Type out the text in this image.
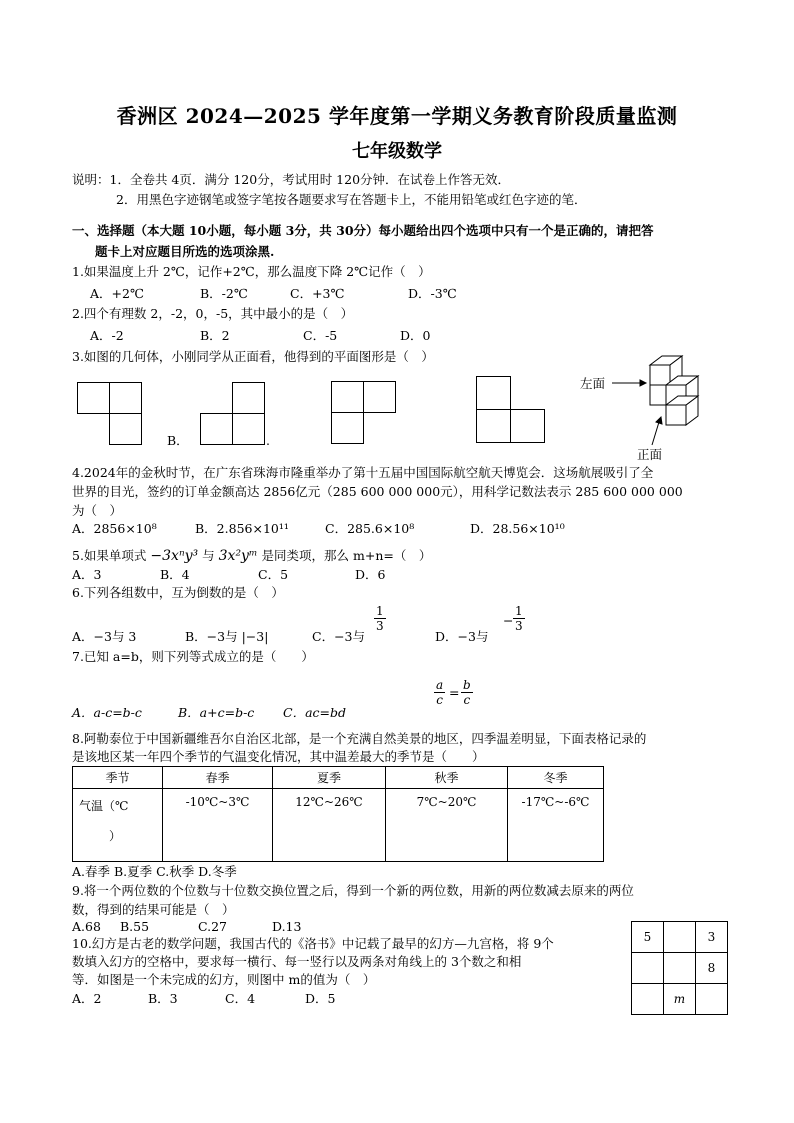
香洲区 2024—2025 学年度第一学期义务教育阶段质量监测
七年级数学
说明：1．全卷共 4页．满分 120分，考试用时 120分钟．在试卷上作答无效．
2．用黑色字迹钢笔或签字笔按各题要求写在答题卡上，不能用铅笔或红色字迹的笔．
一、选择题（本大题 10小题，每小题 3分，共 30分）每小题给出四个选项中只有一个是正确的，请把答
题卡上对应题目所选的选项涂黑.
1.如果温度上升 2℃，记作+2℃，那么温度下降 2℃记作（　）
A．+2℃	B．-2℃	C．+3℃	D．-3℃
2.四个有理数 2，-2，0，-5，其中最小的是（　）
A．-2	B．2	C．-5	D．0
3.如图的几何体，小刚同学从正面看，他得到的平面图形是（　）
B．	.
左面
正面
4.2024年的金秋时节，在广东省珠海市隆重举办了第十五届中国国际航空航天博览会．这场航展吸引了全
世界的目光，签约的订单金额高达 2856亿元（285 600 000 000元），用科学记数法表示 285 600 000 000
为（　）
A．2856×10⁸	B．2.856×10¹¹	C．285.6×10⁸	D．28.56×10¹⁰
5.如果单项式 −3xⁿy³ 与 3x²yᵐ 是同类项，那么 m+n=（　）
A．3	B．4	C．5	D．6
6.下列各组数中，互为倒数的是（　）
A．−3与 3	B．−3与 |−3|	C．−3与
$\frac{1}{3}$
D．−3与
− $\frac{1}{3}$
7.已知 a=b，则下列等式成立的是（　　）
A．a-c=b-c	B．a+c=b-c C．ac=bd
$\frac{a}{c} = \frac{b}{c}$
8.阿勒泰位于中国新疆维吾尔自治区北部，是一个充满自然美景的地区，四季温差明显，下面表格记录的
是该地区某一年四个季节的气温变化情况，其中温差最大的季节是（　　）
季节	春季	夏季	秋季	冬季
气温（℃
）	-10℃~3℃	12℃~26℃	7℃~20℃	-17℃~-6℃
A.春季 B.夏季 C.秋季 D.冬季
9.将一个两位数的个位数与十位数交换位置之后，得到一个新的两位数，用新的两位数减去原来的两位
数，得到的结果可能是（　）
A.68 B.55	C.27	D.13
10.幻方是古老的数学问题，我国古代的《洛书》中记载了最早的幻方—九宫格，将 9个
数填入幻方的空格中，要求每一横行、每一竖行以及两条对角线上的 3个数之和相
等．如图是一个未完成的幻方，则图中 m的值为（　）
A．2	B．3	C．4	D．5
5		3
		8
	m	
